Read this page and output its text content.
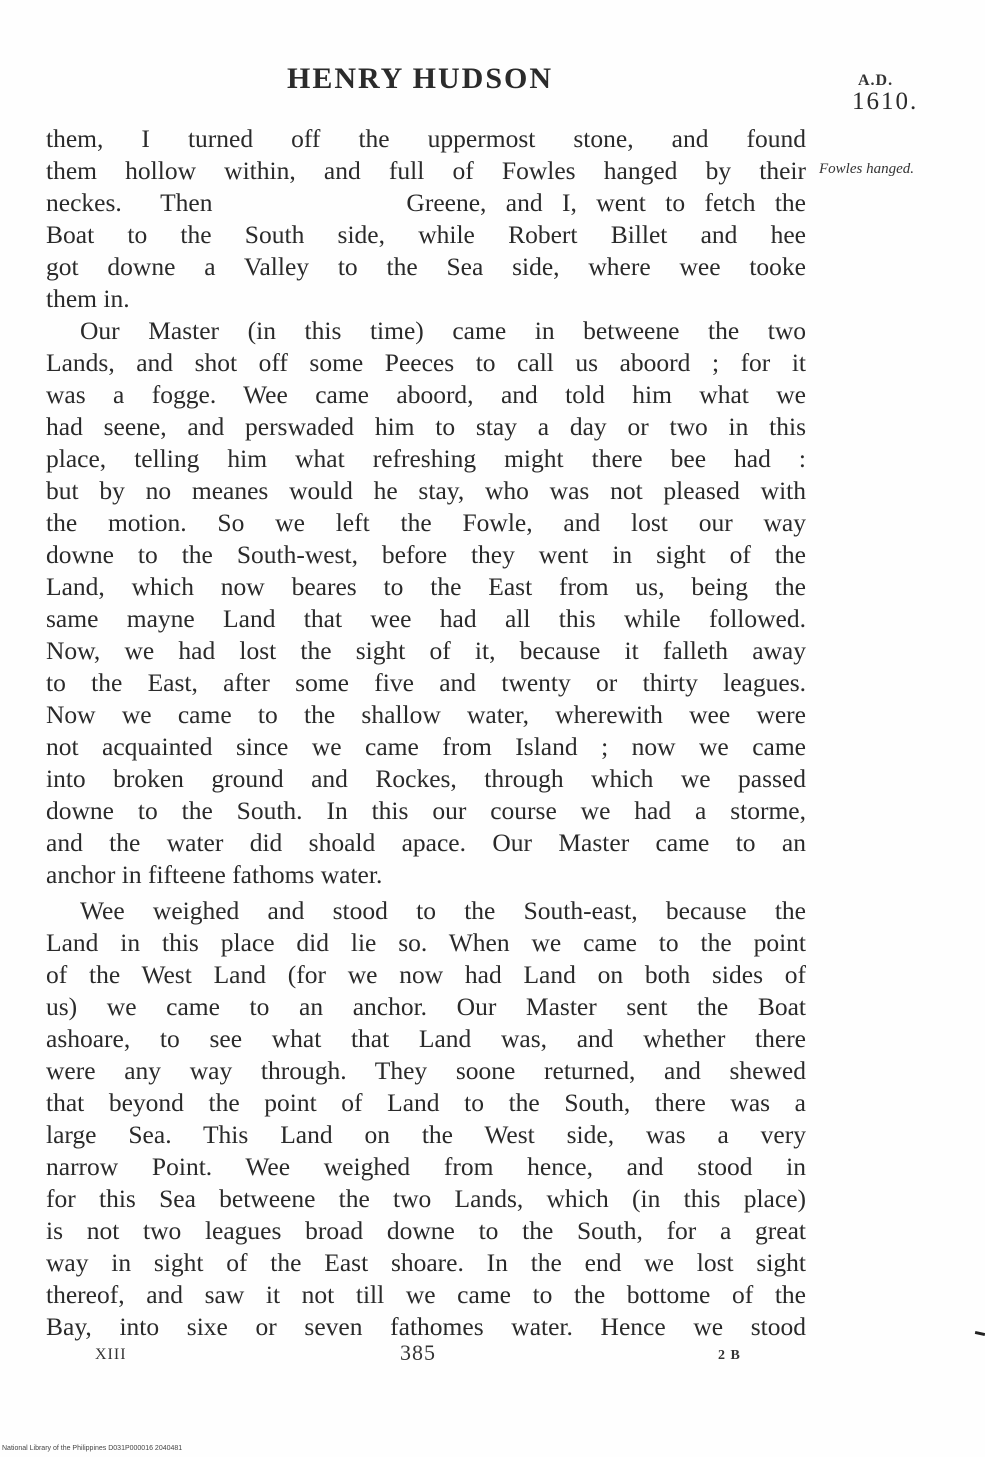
HENRY HUDSON	A.D.
1610.
Fowles hanged.
them, I turned off the uppermost stone, and found
them hollow within, and full of Fowles hanged by their
neckes.  Then          Greene, and I, went to fetch the
Boat to the South side, while Robert Billet and hee
got downe a Valley to the Sea side, where wee tooke
them in.
Our Master (in this time) came in betweene the two
Lands, and shot off some Peeces to call us aboord ; for it
was a fogge. Wee came aboord, and told him what we
had seene, and perswaded him to stay a day or two in this
place, telling him what refreshing might there bee had :
but by no meanes would he stay, who was not pleased with
the motion. So we left the Fowle, and lost our way
downe to the South-west, before they went in sight of the
Land, which now beares to the East from us, being the
same mayne Land that wee had all this while followed.
Now, we had lost the sight of it, because it falleth away
to the East, after some five and twenty or thirty leagues.
Now we came to the shallow water, wherewith wee were
not acquainted since we came from Island ; now we came
into broken ground and Rockes, through which we passed
downe to the South. In this our course we had a storme,
and the water did shoald apace. Our Master came to an
anchor in fifteene fathoms water.
Wee weighed and stood to the South-east, because the
Land in this place did lie so. When we came to the point
of the West Land (for we now had Land on both sides of
us) we came to an anchor. Our Master sent the Boat
ashoare, to see what that Land was, and whether there
were any way through. They soone returned, and shewed
that beyond the point of Land to the South, there was a
large Sea. This Land on the West side, was a very
narrow Point. Wee weighed from hence, and stood in
for this Sea betweene the two Lands, which (in this place)
is not two leagues broad downe to the South, for a great
way in sight of the East shoare. In the end we lost sight
thereof, and saw it not till we came to the bottome of the
Bay, into sixe or seven fathomes water. Hence we stood
XIII	385	2 B
National Library of the Philippines D031P000016 2040481
